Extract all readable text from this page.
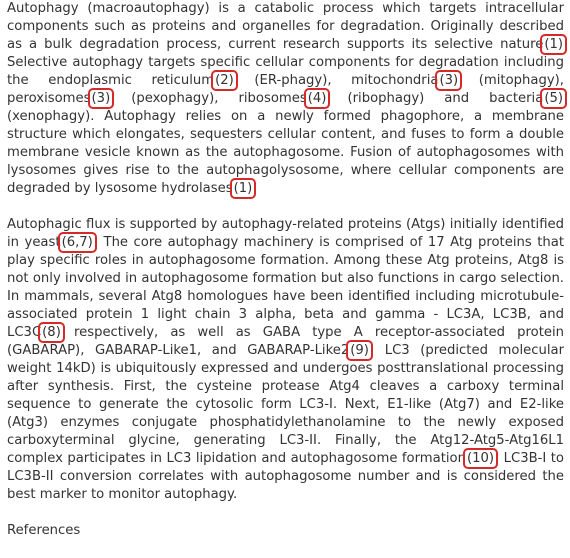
Autophagy (macroautophagy) is a catabolic process which targets intracellular components such as proteins and organelles for degradation. Originally described as a bulk degradation process, current research supports its selective nature(1) Selective autophagy targets specific cellular components for degradation including the endoplasmic reticulum(2) (ER-phagy), mitochondria(3) (mitophagy), peroxisomes(3) (pexophagy), ribosomes(4) (ribophagy) and bacteria(5) (xenophagy). Autophagy relies on a newly formed phagophore, a membrane structure which elongates, sequesters cellular content, and fuses to form a double membrane vesicle known as the autophagosome. Fusion of autophagosomes with lysosomes gives rise to the autophagolysosome, where cellular components are degraded by lysosome hydrolases(1)

Autophagic flux is supported by autophagy-related proteins (Atgs) initially identified in yeast(6,7). The core autophagy machinery is comprised of 17 Atg proteins that play specific roles in autophagosome formation. Among these Atg proteins, Atg8 is not only involved in autophagosome formation but also functions in cargo selection. In mammals, several Atg8 homologues have been identified including microtubule-associated protein 1 light chain 3 alpha, beta and gamma - LC3A, LC3B, and LC3C(8) respectively, as well as GABA type A receptor-associated protein (GABARAP), GABARAP-Like1, and GABARAP-Like2(9). LC3 (predicted molecular weight 14kD) is ubiquitously expressed and undergoes posttranslational processing after synthesis. First, the cysteine protease Atg4 cleaves a carboxy terminal sequence to generate the cytosolic form LC3-I. Next, E1-like (Atg7) and E2-like (Atg3) enzymes conjugate phosphatidylethanolamine to the newly exposed carboxyterminal glycine, generating LC3-II. Finally, the Atg12-Atg5-Atg16L1 complex participates in LC3 lipidation and autophagosome formation(10). LC3B-I to LC3B-II conversion correlates with autophagosome number and is considered the best marker to monitor autophagy.

References
